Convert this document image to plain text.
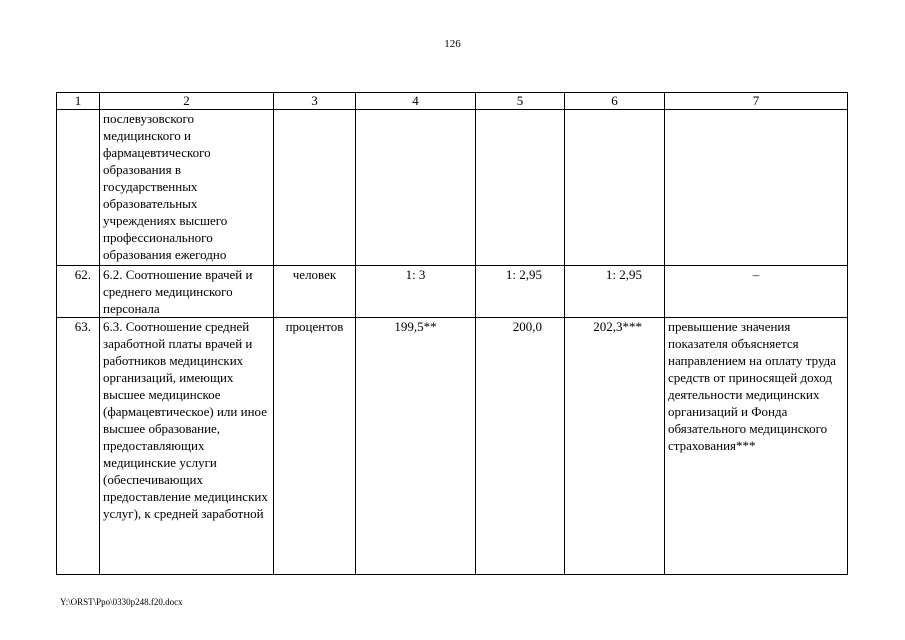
126
1	2	3	4	5	6	7
	послевузовского медицинского и фармацевтического образования в государственных образовательных учреждениях высшего профессионального образования ежегодно					
62.	6.2. Соотношение врачей и среднего медицинского персонала	человек	1: 3	1: 2,95	1: 2,95	–
63.	6.3. Соотношение средней заработной платы врачей и работников медицинских организаций, имеющих высшее медицинское (фармацевтическое) или иное высшее образование, предоставляющих медицинские услуги (обеспечивающих предоставление медицинских услуг), к средней заработной	процентов	199,5**	200,0	202,3***	превышение значения показателя объясняется направлением на оплату труда средств от приносящей доход деятельности медицинских организаций и Фонда обязательного медицинского страхования***
Y:\ORST\Ppo\0330p248.f20.docx
